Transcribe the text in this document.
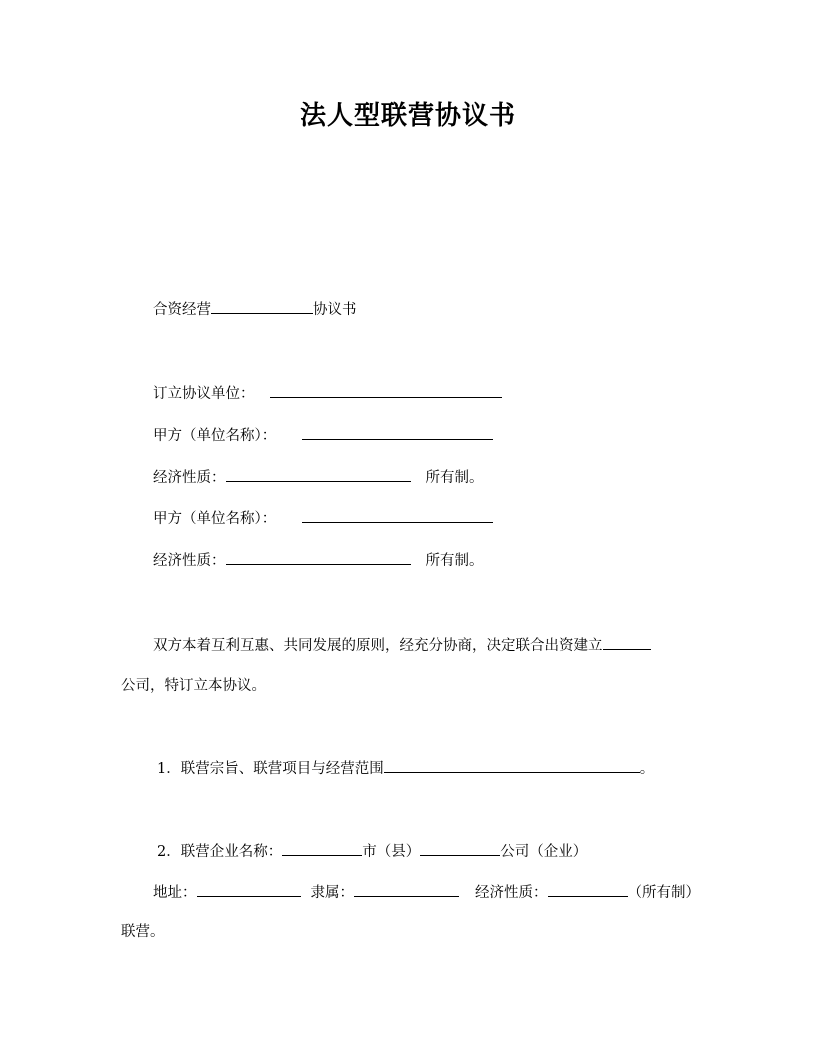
法人型联营协议书
合资经营	协议书
订立协议单位：
甲方（单位名称）：
经济性质：	所有制。
甲方（单位名称）：
经济性质：	所有制。
双方本着互利互惠、共同发展的原则，经充分协商，决定联合出资建立
公司，特订立本协议。
1．联营宗旨、联营项目与经营范围	。
2．联营企业名称：	市（县）	公司（企业）
地址：	隶属：	经济性质：	（所有制）
联营。
